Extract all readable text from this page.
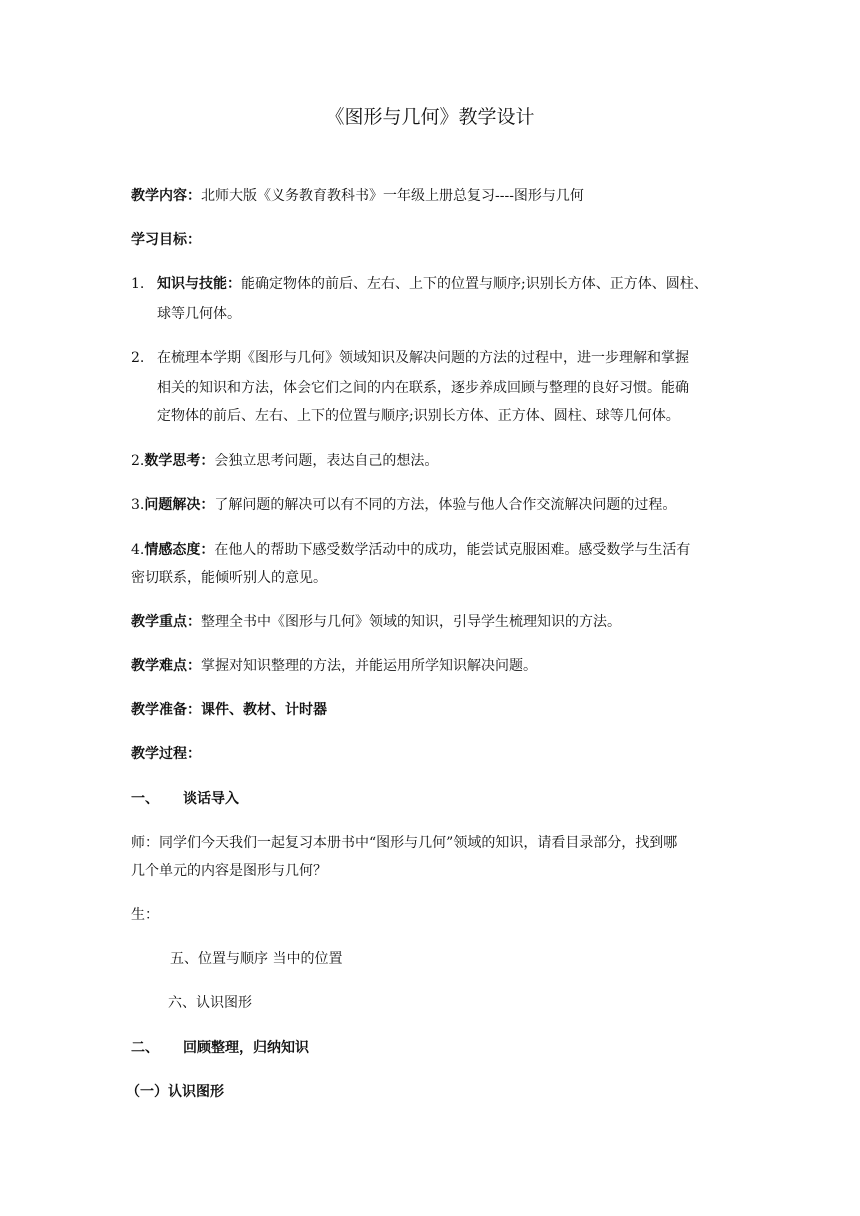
《图形与几何》教学设计
教学内容：北师大版《义务教育教科书》一年级上册总复习----图形与几何
学习目标：
1. 知识与技能：能确定物体的前后、左右、上下的位置与顺序;识别长方体、正方体、圆柱、
球等几何体。
2. 在梳理本学期《图形与几何》领域知识及解决问题的方法的过程中，进一步理解和掌握
相关的知识和方法，体会它们之间的内在联系，逐步养成回顾与整理的良好习惯。能确
定物体的前后、左右、上下的位置与顺序;识别长方体、正方体、圆柱、球等几何体。
2.数学思考：会独立思考问题，表达自己的想法。
3.问题解决：了解问题的解决可以有不同的方法，体验与他人合作交流解决问题的过程。
4.情感态度：在他人的帮助下感受数学活动中的成功，能尝试克服困难。感受数学与生活有
密切联系，能倾听别人的意见。
教学重点：整理全书中《图形与几何》领域的知识，引导学生梳理知识的方法。
教学难点：掌握对知识整理的方法，并能运用所学知识解决问题。
教学准备：课件、教材、计时器
教学过程：
一、 谈话导入
师：同学们今天我们一起复习本册书中“图形与几何”领域的知识，请看目录部分，找到哪
几个单元的内容是图形与几何？
生：
五、位置与顺序 当中的位置
六、认识图形
二、 回顾整理，归纳知识
（一）认识图形
